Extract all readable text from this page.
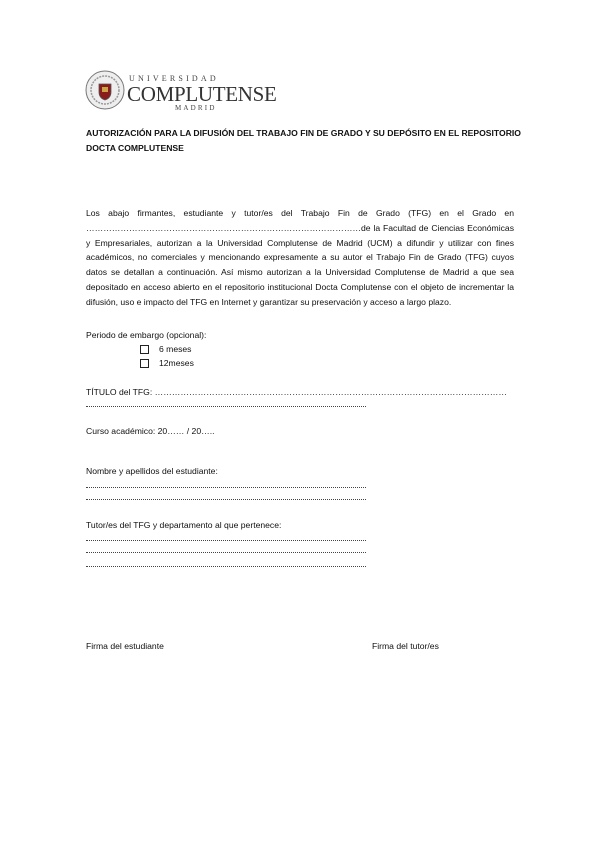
UNIVERSIDAD
COMPLUTENSE
MADRID
AUTORIZACIÓN PARA LA DIFUSIÓN DEL TRABAJO FIN DE GRADO Y SU DEPÓSITO EN EL REPOSITORIO DOCTA COMPLUTENSE
Los abajo firmantes, estudiante y tutor/es del Trabajo Fin de Grado (TFG) en el Grado en ……………………………………………………………………………………de la Facultad de Ciencias Económicas y Empresariales, autorizan a la Universidad Complutense de Madrid (UCM) a difundir y utilizar con fines académicos, no comerciales y mencionando expresamente a su autor el Trabajo Fin de Grado (TFG) cuyos datos se detallan a continuación. Así mismo autorizan a la Universidad Complutense de Madrid a que sea depositado en acceso abierto en el repositorio institucional Docta Complutense con el objeto de incrementar la difusión, uso e impacto del TFG en Internet y garantizar su preservación y acceso a largo plazo.
Periodo de embargo (opcional):
6 meses
12meses
TÍTULO del TFG: ……………………………………………………………………………………………………………
Curso académico: 20…… / 20…..
Nombre y apellidos del estudiante:
Tutor/es del TFG y departamento al que pertenece:
Firma del estudiante	Firma del tutor/es
